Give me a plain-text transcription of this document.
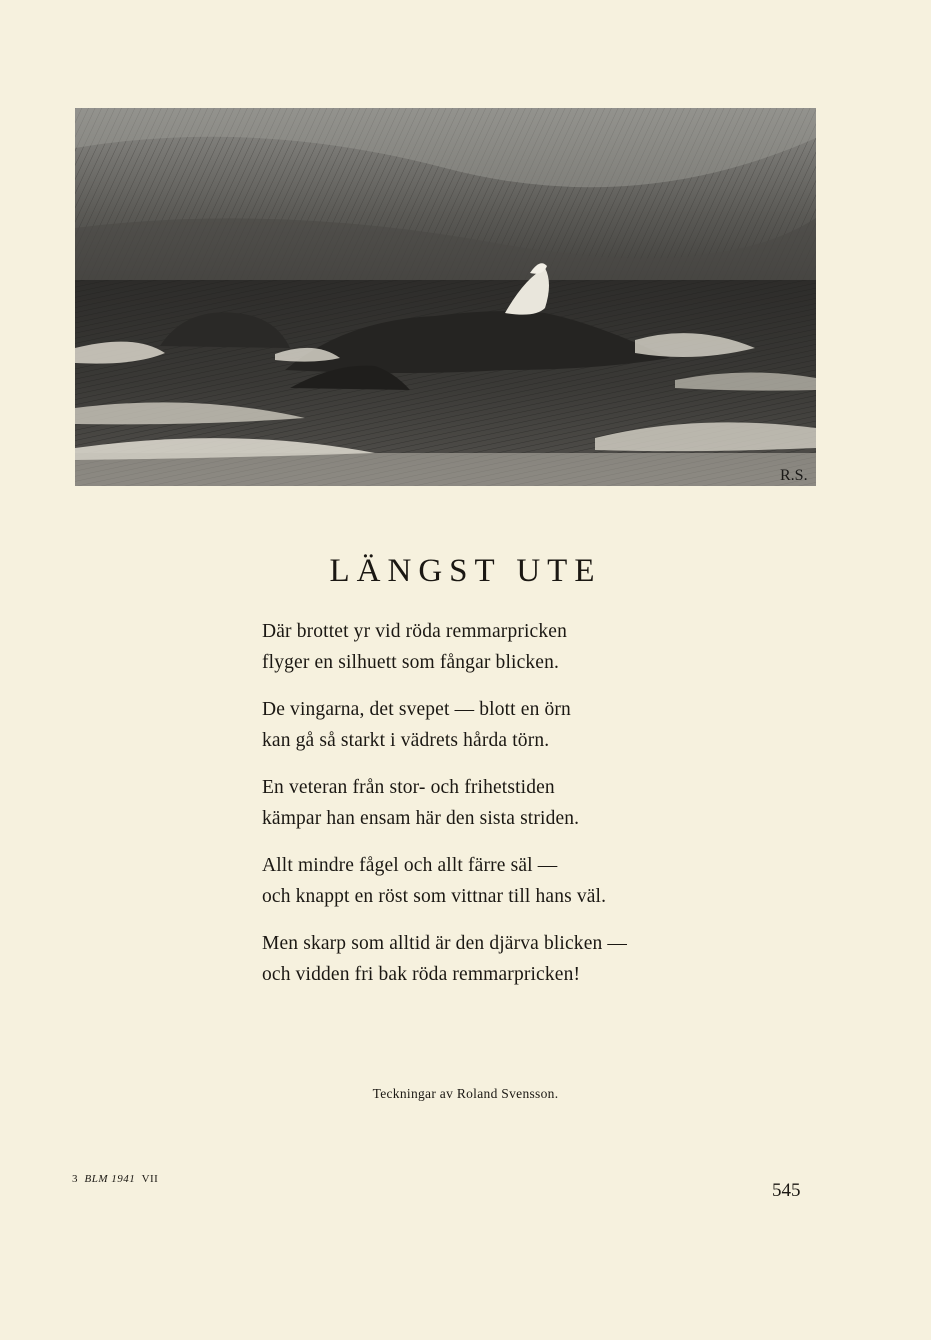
R.S.
LÄNGST UTE
Där brottet yr vid röda remmarpricken
flyger en silhuett som fångar blicken.
De vingarna, det svepet — blott en örn
kan gå så starkt i vädrets hårda törn.
En veteran från stor- och frihetstiden
kämpar han ensam här den sista striden.
Allt mindre fågel och allt färre säl —
och knappt en röst som vittnar till hans väl.
Men skarp som alltid är den djärva blicken —
och vidden fri bak röda remmarpricken!
Teckningar av Roland Svensson.
3 BLM 1941 VII
545
